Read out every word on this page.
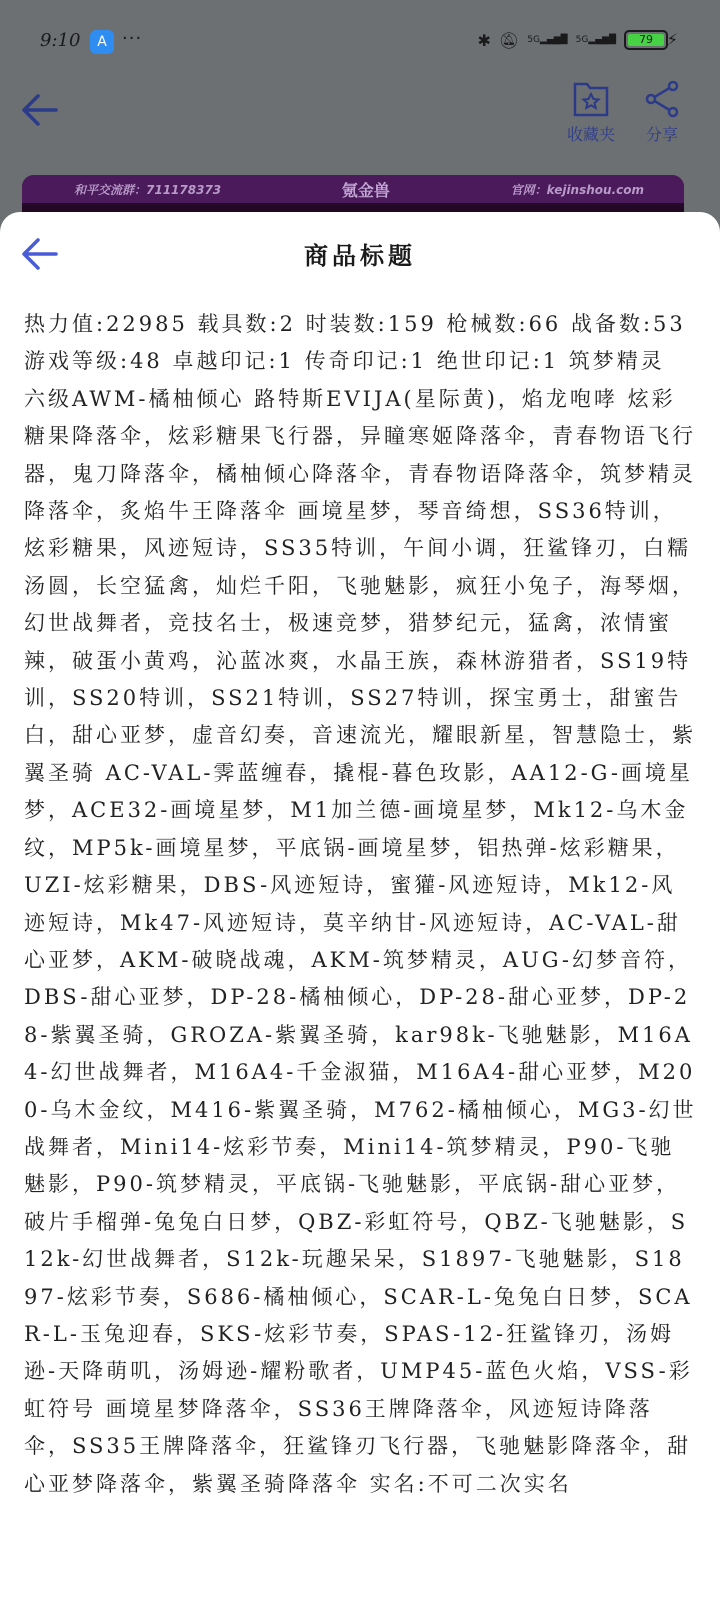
9:10	A ···	✱ 🔕︎ 5G▂▄▆█ 5G▂▄▆█	79 ⚡︎
收藏夹	分享
和平交流群：711178373	氪金兽	官网：kejinshou.com
商品标题
热力值:22985 载具数:2 时装数:159 枪械数:66 战备数:53 游戏等级:48 卓越印记:1 传奇印记:1 绝世印记:1 筑梦精灵 六级AWM-橘柚倾心 路特斯EVIJA(星际黄)，焰龙咆哮 炫彩糖果降落伞，炫彩糖果飞行器，异瞳寒姬降落伞，青春物语飞行器，鬼刀降落伞，橘柚倾心降落伞，青春物语降落伞，筑梦精灵降落伞，炙焰牛王降落伞 画境星梦，琴音绮想，SS36特训，炫彩糖果，风迹短诗，SS35特训，午间小调，狂鲨锋刃，白糯汤圆，长空猛禽，灿烂千阳，飞驰魅影，疯狂小兔子，海琴烟，幻世战舞者，竞技名士，极速竞梦，猎梦纪元，猛禽，浓情蜜辣，破蛋小黄鸡，沁蓝冰爽，水晶王族，森林游猎者，SS19特训，SS20特训，SS21特训，SS27特训，探宝勇士，甜蜜告白，甜心亚梦，虚音幻奏，音速流光，耀眼新星，智慧隐士，紫翼圣骑 AC-VAL-霁蓝缠春，撬棍-暮色玫影，AA12-G-画境星梦，ACE32-画境星梦，M1加兰德-画境星梦，Mk12-乌木金纹，MP5k-画境星梦，平底锅-画境星梦，铝热弹-炫彩糖果，UZI-炫彩糖果，DBS-风迹短诗，蜜獾-风迹短诗，Mk12-风迹短诗，Mk47-风迹短诗，莫辛纳甘-风迹短诗，AC-VAL-甜心亚梦，AKM-破晓战魂，AKM-筑梦精灵，AUG-幻梦音符，DBS-甜心亚梦，DP-28-橘柚倾心，DP-28-甜心亚梦，DP-28-紫翼圣骑，GROZA-紫翼圣骑，kar98k-飞驰魅影，M16A4-幻世战舞者，M16A4-千金淑猫，M16A4-甜心亚梦，M200-乌木金纹，M416-紫翼圣骑，M762-橘柚倾心，MG3-幻世战舞者，Mini14-炫彩节奏，Mini14-筑梦精灵，P90-飞驰魅影，P90-筑梦精灵，平底锅-飞驰魅影，平底锅-甜心亚梦，破片手榴弹-兔兔白日梦，QBZ-彩虹符号，QBZ-飞驰魅影，S12k-幻世战舞者，S12k-玩趣呆呆，S1897-飞驰魅影，S1897-炫彩节奏，S686-橘柚倾心，SCAR-L-兔兔白日梦，SCAR-L-玉兔迎春，SKS-炫彩节奏，SPAS-12-狂鲨锋刃，汤姆逊-天降萌叽，汤姆逊-耀粉歌者，UMP45-蓝色火焰，VSS-彩虹符号 画境星梦降落伞，SS36王牌降落伞，风迹短诗降落伞，SS35王牌降落伞，狂鲨锋刃飞行器，飞驰魅影降落伞，甜心亚梦降落伞，紫翼圣骑降落伞 实名:不可二次实名
